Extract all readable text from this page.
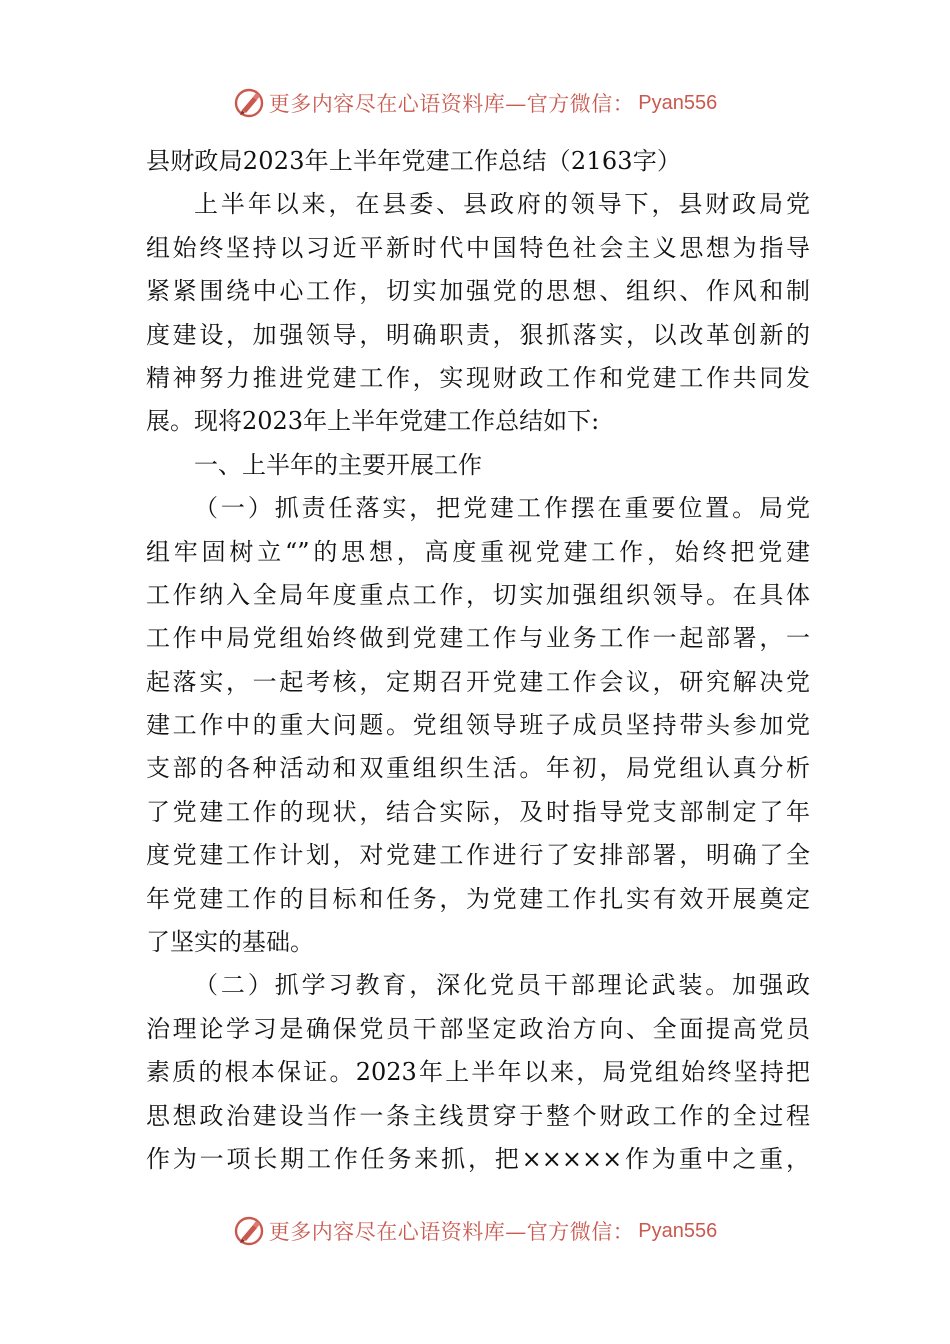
更多内容尽在心语资料库—官方微信： Pyan556
县财政局2023年上半年党建工作总结（2163字）
上半年以来，在县委、县政府的领导下，县财政局党
组始终坚持以习近平新时代中国特色社会主义思想为指导
紧紧围绕中心工作，切实加强党的思想、组织、作风和制
度建设，加强领导，明确职责，狠抓落实，以改革创新的
精神努力推进党建工作，实现财政工作和党建工作共同发
展。现将2023年上半年党建工作总结如下:
一、上半年的主要开展工作
（一）抓责任落实，把党建工作摆在重要位置。局党
组牢固树立“”的思想，高度重视党建工作，始终把党建
工作纳入全局年度重点工作，切实加强组织领导。在具体
工作中局党组始终做到党建工作与业务工作一起部署，一
起落实，一起考核，定期召开党建工作会议，研究解决党
建工作中的重大问题。党组领导班子成员坚持带头参加党
支部的各种活动和双重组织生活。年初，局党组认真分析
了党建工作的现状，结合实际，及时指导党支部制定了年
度党建工作计划，对党建工作进行了安排部署，明确了全
年党建工作的目标和任务，为党建工作扎实有效开展奠定
了坚实的基础。
（二）抓学习教育，深化党员干部理论武装。加强政
治理论学习是确保党员干部坚定政治方向、全面提高党员
素质的根本保证。2023年上半年以来，局党组始终坚持把
思想政治建设当作一条主线贯穿于整个财政工作的全过程
作为一项长期工作任务来抓，把×××××作为重中之重，
更多内容尽在心语资料库—官方微信： Pyan556
